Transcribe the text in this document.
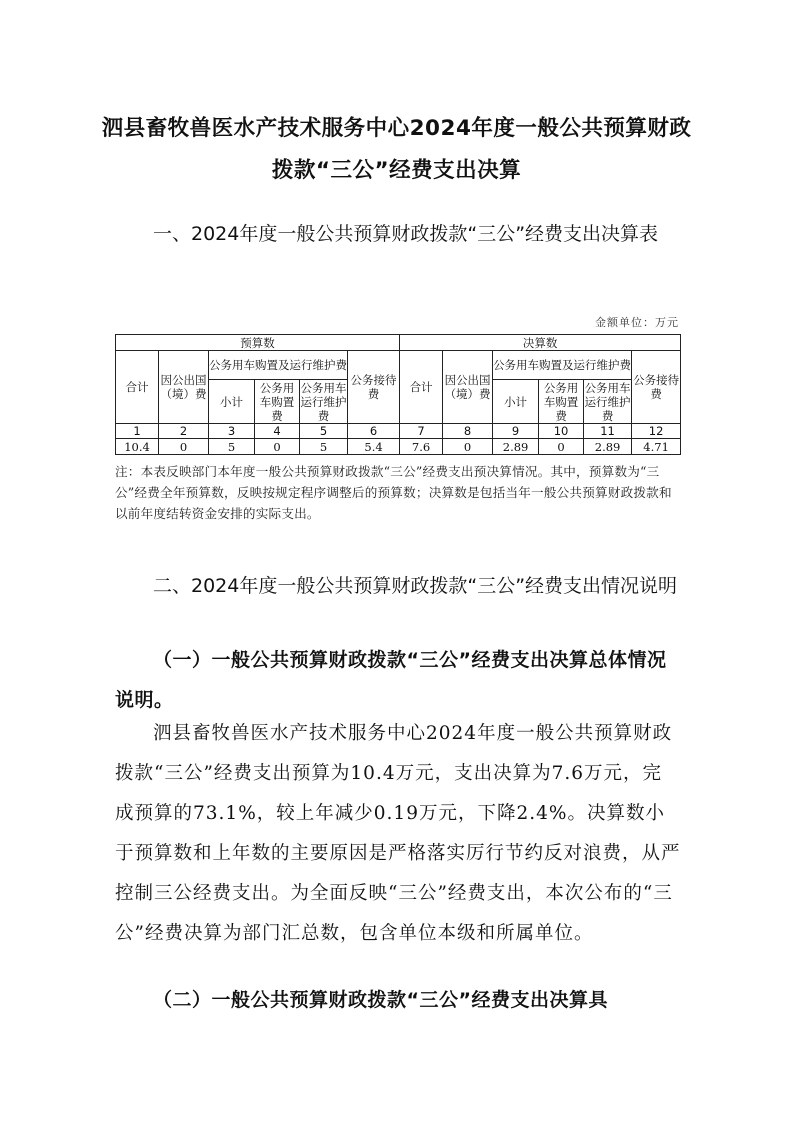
泗县畜牧兽医水产技术服务中心2024年度一般公共预算财政拨款“三公”经费支出决算
一、2024年度一般公共预算财政拨款“三公”经费支出决算表
金额单位：万元
预算数						决算数					
合计	因公出国（境）费	公务用车购置及运行维护费			公务接待费	合计	因公出国（境）费	公务用车购置及运行维护费			公务接待费
		小计	公务用车购置费	公务用车运行维护费				小计	公务用车购置费	公务用车运行维护费	
1	2	3	4	5	6	7	8	9	10	11	12
10.4	0	5	0	5	5.4	7.6	0	2.89	0	2.89	4.71
注：本表反映部门本年度一般公共预算财政拨款“三公”经费支出预决算情况。其中，预算数为“三公”经费全年预算数，反映按规定程序调整后的预算数；决算数是包括当年一般公共预算财政拨款和以前年度结转资金安排的实际支出。
二、2024年度一般公共预算财政拨款“三公”经费支出情况说明
（一）一般公共预算财政拨款“三公”经费支出决算总体情况说明。
泗县畜牧兽医水产技术服务中心2024年度一般公共预算财政拨款“三公”经费支出预算为10.4万元，支出决算为7.6万元，完成预算的73.1%，较上年减少0.19万元，下降2.4%。决算数小于预算数和上年数的主要原因是严格落实厉行节约反对浪费，从严控制三公经费支出。为全面反映“三公”经费支出，本次公布的“三公”经费决算为部门汇总数，包含单位本级和所属单位。
（二）一般公共预算财政拨款“三公”经费支出决算具
